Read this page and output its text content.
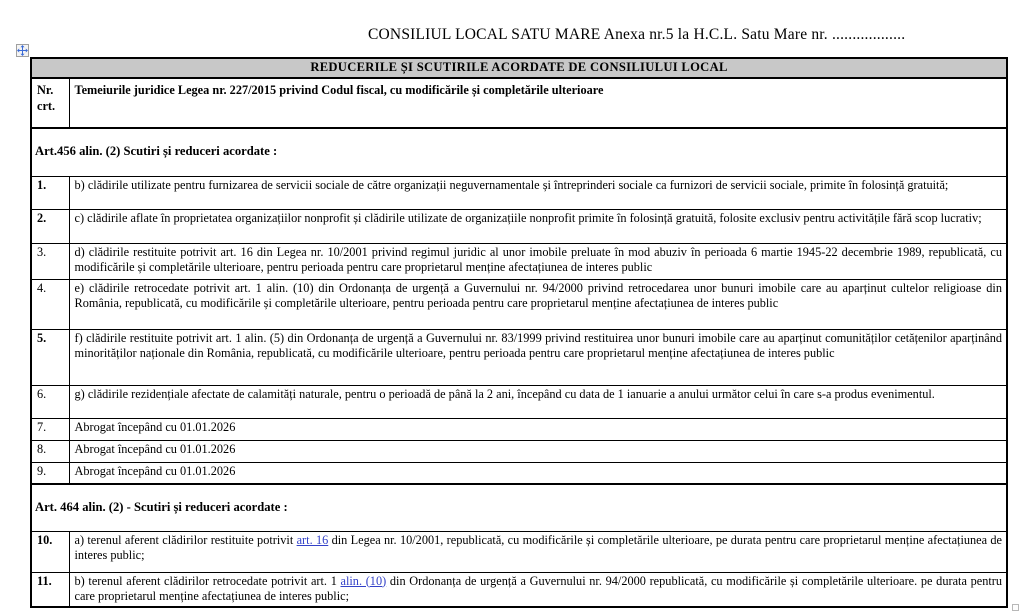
CONSILIUL LOCAL SATU MARE Anexa nr.5 la H.C.L. Satu Mare nr. ..................
REDUCERILE ȘI SCUTIRILE ACORDATE DE CONSILIULUI LOCAL	
Nr. crt.	Temeiurile juridice Legea nr. 227/2015 privind Codul fiscal, cu modificările și completările ulterioare
Art.456 alin. (2) Scutiri și reduceri acordate :	
1.	b) clădirile utilizate pentru furnizarea de servicii sociale de către organizații neguvernamentale și întreprinderi sociale ca furnizori de servicii sociale, primite în folosință gratuită;
2.	c) clădirile aflate în proprietatea organizațiilor nonprofit și clădirile utilizate de organizațiile nonprofit primite în folosință gratuită, folosite exclusiv pentru activitățile fără scop lucrativ;
3.	d) clădirile restituite potrivit art. 16 din Legea nr. 10/2001 privind regimul juridic al unor imobile preluate în mod abuziv în perioada 6 martie 1945-22 decembrie 1989, republicată, cu modificările și completările ulterioare, pentru perioada pentru care proprietarul menține afectațiunea de interes public
4.	e) clădirile retrocedate potrivit art. 1 alin. (10) din Ordonanța de urgență a Guvernului nr. 94/2000 privind retrocedarea unor bunuri imobile care au aparținut cultelor religioase din România, republicată, cu modificările și completările ulterioare, pentru perioada pentru care proprietarul menține afectațiunea de interes public
5.	f) clădirile restituite potrivit art. 1 alin. (5) din Ordonanța de urgență a Guvernului nr. 83/1999 privind restituirea unor bunuri imobile care au aparținut comunităților cetățenilor aparținând minorităților naționale din România, republicată, cu modificările ulterioare, pentru perioada pentru care proprietarul menține afectațiunea de interes public
6.	g) clădirile rezidențiale afectate de calamități naturale, pentru o perioadă de până la 2 ani, începând cu data de 1 ianuarie a anului următor celui în care s-a produs evenimentul.
7.	Abrogat începând cu 01.01.2026
8.	Abrogat începând cu 01.01.2026
9.	Abrogat începând cu 01.01.2026
Art. 464 alin. (2) - Scutiri și reduceri acordate :	
10.	a) terenul aferent clădirilor restituite potrivit art. 16 din Legea nr. 10/2001, republicată, cu modificările și completările ulterioare, pe durata pentru care proprietarul menține afectațiunea de interes public;
11.	b) terenul aferent clădirilor retrocedate potrivit art. 1 alin. (10) din Ordonanța de urgență a Guvernului nr. 94/2000 republicată, cu modificările și completările ulterioare. pe durata pentru care proprietarul menține afectațiunea de interes public;
